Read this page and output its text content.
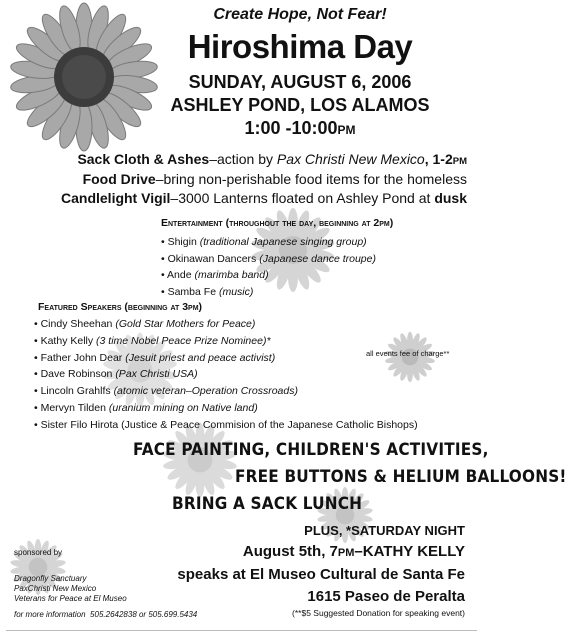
Create Hope, Not Fear!
Hiroshima Day
SUNDAY, AUGUST 6, 2006
ASHLEY POND, LOS ALAMOS
1:00 -10:00PM
Sack Cloth & Ashes–action by Pax Christi New Mexico, 1-2PM
Food Drive–bring non-perishable food items for the homeless
Candlelight Vigil–3000 Lanterns floated on Ashley Pond at dusk
Entertainment (throughout the day, beginning at 2pm)
• Shigin (traditional Japanese singing group)
• Okinawan Dancers (Japanese dance troupe)
• Ande (marimba band)
• Samba Fe (music)
Featured Speakers (beginning at 3pm)
• Cindy Sheehan (Gold Star Mothers for Peace)
• Kathy Kelly (3 time Nobel Peace Prize Nominee)*
• Father John Dear (Jesuit priest and peace activist)
• Dave Robinson (Pax Christi USA)
• Lincoln Grahlfs (atomic veteran–Operation Crossroads)
• Mervyn Tilden (uranium mining on Native land)
• Sister Filo Hirota (Justice & Peace Commision of the Japanese Catholic Bishops)
all events fee of charge**
FACE PAINTING, CHILDREN'S ACTIVITIES,
FREE BUTTONS & HELIUM BALLOONS!
BRING A SACK LUNCH
PLUS, *SATURDAY NIGHT
August 5th, 7PM–KATHY KELLY
speaks at El Museo Cultural de Santa Fe
1615 Paseo de Peralta
(**$5 Suggested Donation for speaking event)
sponsored by
Dragonfly Sanctuary
PaxChristi New Mexico
Veterans for Peace at El Museo
for more information 505.2642838 or 505.699.5434
